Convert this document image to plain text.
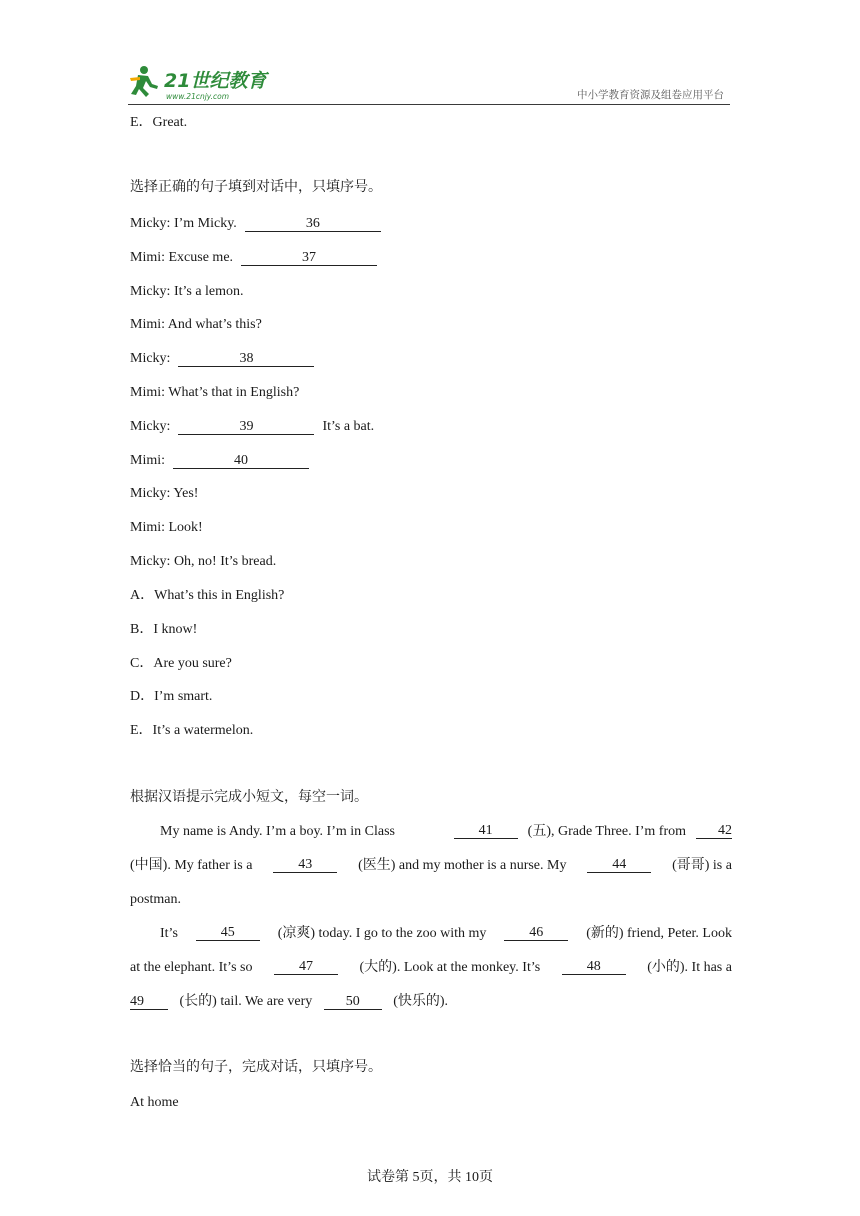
21世纪教育
www.21cnjy.com	中小学教育资源及组卷应用平台
E．Great.
选择正确的句子填到对话中，只填序号。
Micky: I’m Micky.	36
Mimi: Excuse me.	37
Micky: It’s a lemon.
Mimi: And what’s this?
Micky:	38
Mimi: What’s that in English?
Micky:	39	It’s a bat.
Mimi:	40
Micky: Yes!
Mimi: Look!
Micky: Oh, no! It’s bread.
A．What’s this in English?
B．I know!
C．Are you sure?
D．I’m smart.
E．It’s a watermelon.
根据汉语提示完成小短文，每空一词。
My name is Andy. I’m a boy. I’m in Class	41	(五), Grade Three. I’m from	42
(中国). My father is a	43	(医生) and my mother is a nurse. My	44	(哥哥) is a
postman.
It’s	45	(凉爽) today. I go to the zoo with my	46	(新的) friend, Peter. Look
at the elephant. It’s so	47	(大的). Look at the monkey. It’s	48	(小的). It has a
49	(长的) tail. We are very 50 (快乐的).
选择恰当的句子，完成对话，只填序号。
At home
试卷第 5页，共 10页
